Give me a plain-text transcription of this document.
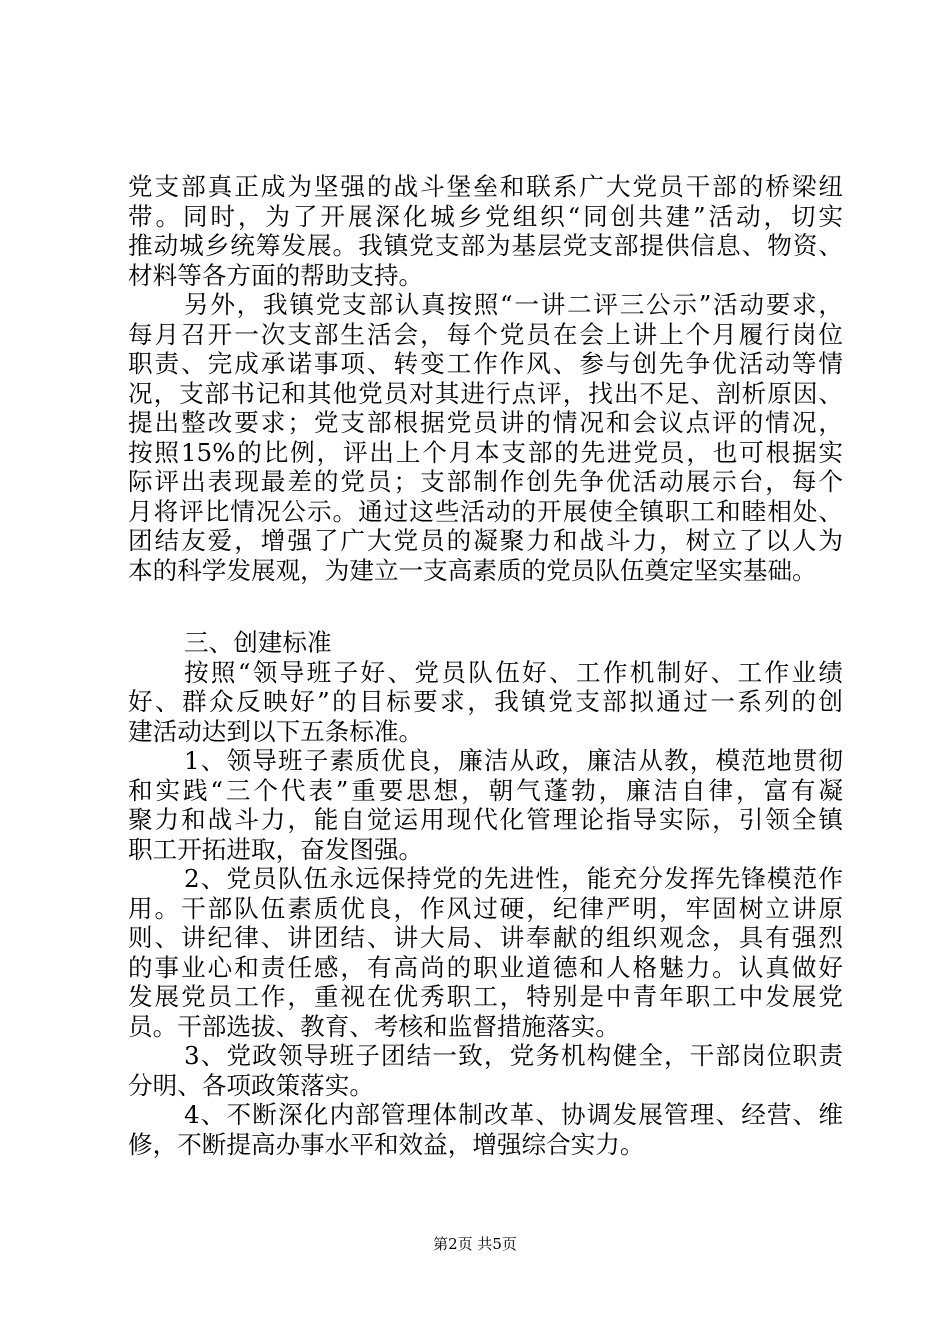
党支部真正成为坚强的战斗堡垒和联系广大党员干部的桥梁纽
带。同时，为了开展深化城乡党组织“同创共建”活动，切实
推动城乡统筹发展。我镇党支部为基层党支部提供信息、物资、
材料等各方面的帮助支持。
另外，我镇党支部认真按照“一讲二评三公示”活动要求，
每月召开一次支部生活会，每个党员在会上讲上个月履行岗位
职责、完成承诺事项、转变工作作风、参与创先争优活动等情
况，支部书记和其他党员对其进行点评，找出不足、剖析原因、
提出整改要求；党支部根据党员讲的情况和会议点评的情况，
按照15%的比例，评出上个月本支部的先进党员，也可根据实
际评出表现最差的党员；支部制作创先争优活动展示台，每个
月将评比情况公示。通过这些活动的开展使全镇职工和睦相处、
团结友爱，增强了广大党员的凝聚力和战斗力，树立了以人为
本的科学发展观，为建立一支高素质的党员队伍奠定坚实基础。
三、创建标准
按照“领导班子好、党员队伍好、工作机制好、工作业绩
好、群众反映好”的目标要求，我镇党支部拟通过一系列的创
建活动达到以下五条标准。
1、领导班子素质优良，廉洁从政，廉洁从教，模范地贯彻
和实践“三个代表”重要思想，朝气蓬勃，廉洁自律，富有凝
聚力和战斗力，能自觉运用现代化管理论指导实际，引领全镇
职工开拓进取，奋发图强。
2、党员队伍永远保持党的先进性，能充分发挥先锋模范作
用。干部队伍素质优良，作风过硬，纪律严明，牢固树立讲原
则、讲纪律、讲团结、讲大局、讲奉献的组织观念，具有强烈
的事业心和责任感，有高尚的职业道德和人格魅力。认真做好
发展党员工作，重视在优秀职工，特别是中青年职工中发展党
员。干部选拔、教育、考核和监督措施落实。
3、党政领导班子团结一致，党务机构健全，干部岗位职责
分明、各项政策落实。
4、不断深化内部管理体制改革、协调发展管理、经营、维
修，不断提高办事水平和效益，增强综合实力。
第2页 共5页
